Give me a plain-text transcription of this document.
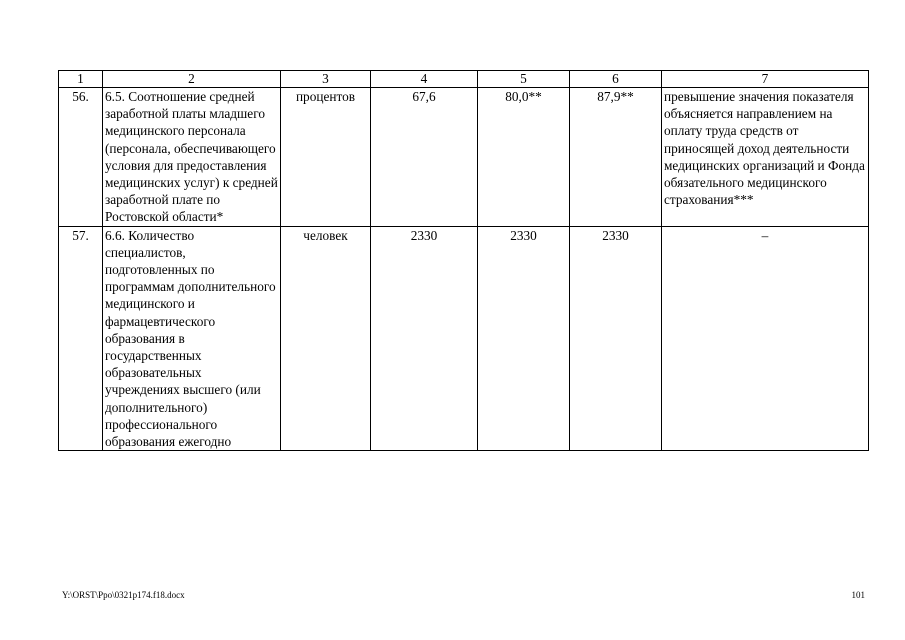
1	2	3	4	5	6	7
56.	6.5. Соотношение средней заработной платы младшего медицинского персонала (персонала, обеспечивающего условия для предоставления медицинских услуг) к средней заработной плате по Ростовской области*	процентов	67,6	80,0**	87,9**	превышение значения показателя объясняется направлением на оплату труда средств от приносящей доход деятельности медицинских организаций и Фонда обязательного медицинского страхования***
57.	6.6. Количество специалистов, подготовленных по программам дополнительного медицинского и фармацевтического образования в государственных образовательных учреждениях высшего (или дополнительного) профессионального образования ежегодно	человек	2330	2330	2330	–
Y:\ORST\Ppo\0321p174.f18.docx	101
